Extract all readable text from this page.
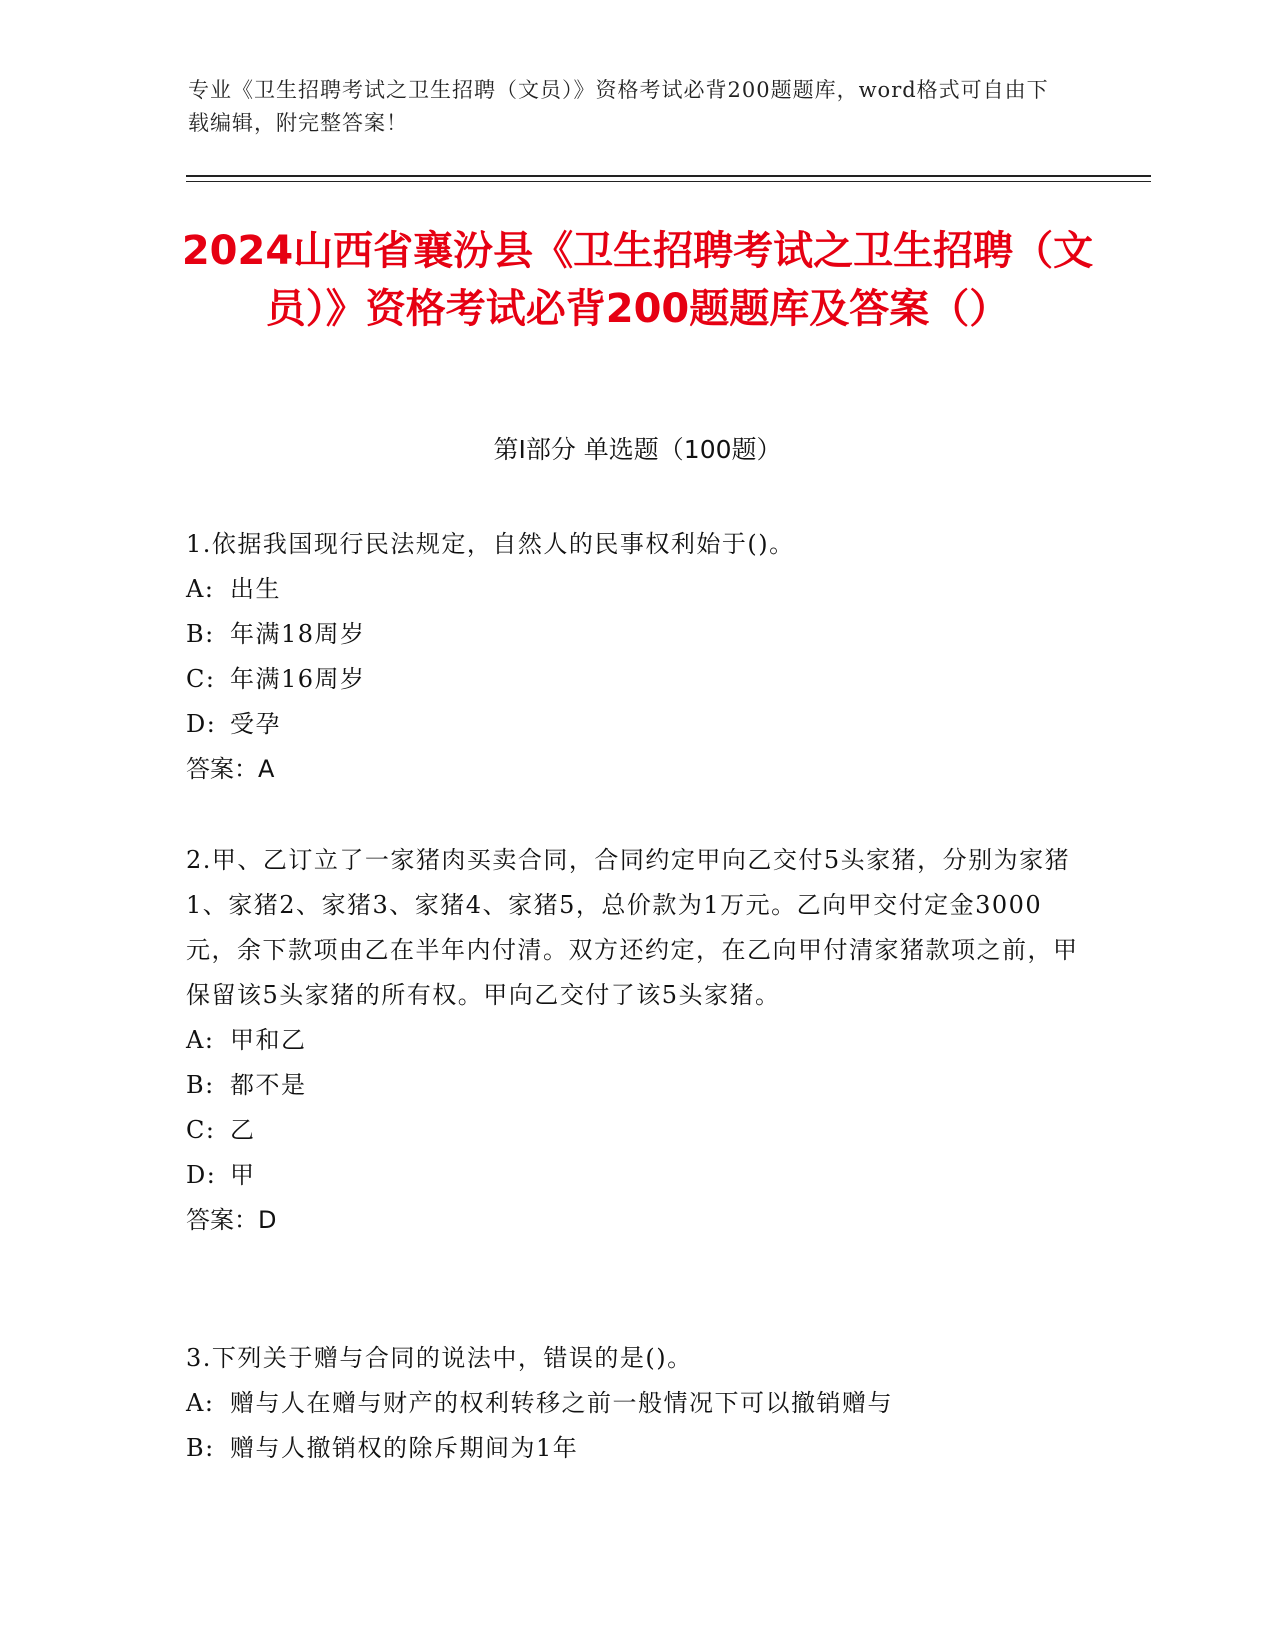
专业《卫生招聘考试之卫生招聘（文员）》资格考试必背200题题库，word格式可自由下载编辑，附完整答案！
2024山西省襄汾县《卫生招聘考试之卫生招聘（文员）》资格考试必背200题题库及答案（）
第Ⅰ部分 单选题（100题）

1.依据我国现行民法规定，自然人的民事权利始于()。

A: 出生

B: 年满18周岁

C: 年满16周岁

D: 受孕

答案：A

2.甲、乙订立了一家猪肉买卖合同，合同约定甲向乙交付5头家猪，分别为家猪1、家猪2、家猪3、家猪4、家猪5，总价款为1万元。乙向甲交付定金3000元，余下款项由乙在半年内付清。双方还约定，在乙向甲付清家猪款项之前，甲保留该5头家猪的所有权。甲向乙交付了该5头家猪。

A: 甲和乙

B: 都不是

C: 乙

D: 甲

答案：D

3.下列关于赠与合同的说法中，错误的是()。

A: 赠与人在赠与财产的权利转移之前一般情况下可以撤销赠与

B: 赠与人撤销权的除斥期间为1年
